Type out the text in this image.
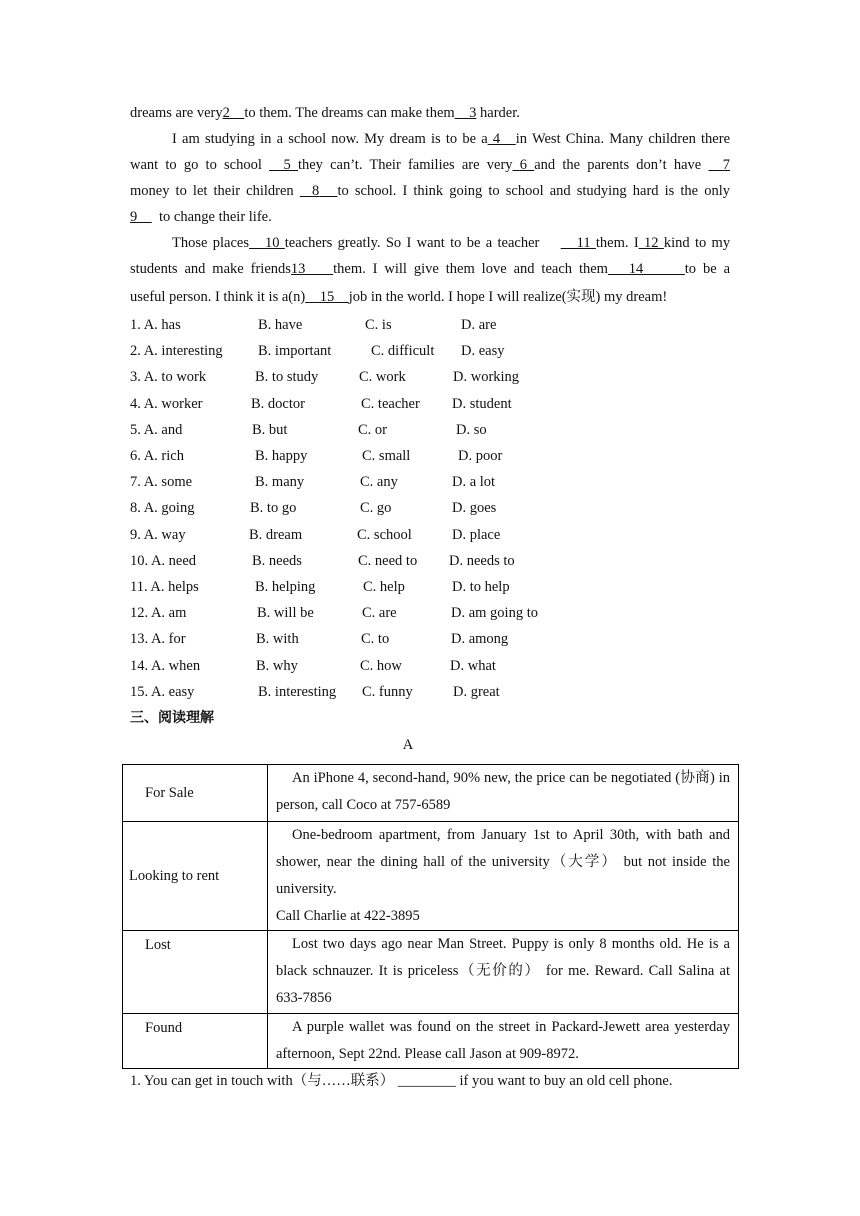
dreams are very2 to them. The dreams can make them 3 harder.
I am studying in a school now. My dream is to be a 4 in West China. Many children there
want to go to school 5 they can’t. Their families are very 6 and the parents don’t have 7
money to let their children 8 to school. I think going to school and studying hard is the only
9 to change their life.
Those places 10 teachers greatly. So I want to be a teacher	11 them. I 12 kind to my
students and make friends13 them. I will give them love and teach them 14	to be a
useful person. I think it is a(n) 15 job in the world. I hope I will realize(实现) my dream!
1. A. has	B. have	C. is	D. are
2. A. interesting B. important	C. difficult D. easy
3. A. to work	B. to study	C. work	D. working
4. A. worker	B. doctor	C. teacher D. student
5. A. and	B. but	C. or	D. so
6. A. rich	B. happy	C. small	D. poor
7. A. some	B. many	C. any	D. a lot
8. A. going	B. to go	C. go	D. goes
9. A. way	B. dream	C. school	D. place
10. A. need	B. needs	C. need to D. needs to
11. A. helps	B. helping	C. help	D. to help
12. A. am	B. will be	C. are	D. am going to
13. A. for	B. with	C. to	D. among
14. A. when	B. why	C. how	D. what
15. A. easy	B. interesting C. funny	D. great
三、阅读理解
A
For Sale	An iPhone 4, second-hand, 90% new, the price can be negotiated (协商) in person, call Coco at 757-6589

Looking to rent	One-bedroom apartment, from January 1st to April 30th, with bath and shower, near the dining hall of the university（大学） but not inside the university.
Call Charlie at 422-3895

Lost	Lost two days ago near Man Street. Puppy is only 8 months old. He is a black schnauzer. It is priceless（无价的） for me. Reward. Call Salina at 633-7856

Found	A purple wallet was found on the street in Packard-Jewett area yesterday afternoon, Sept 22nd. Please call Jason at 909-8972.
1. You can get in touch with（与……联系） ________ if you want to buy an old cell phone.
